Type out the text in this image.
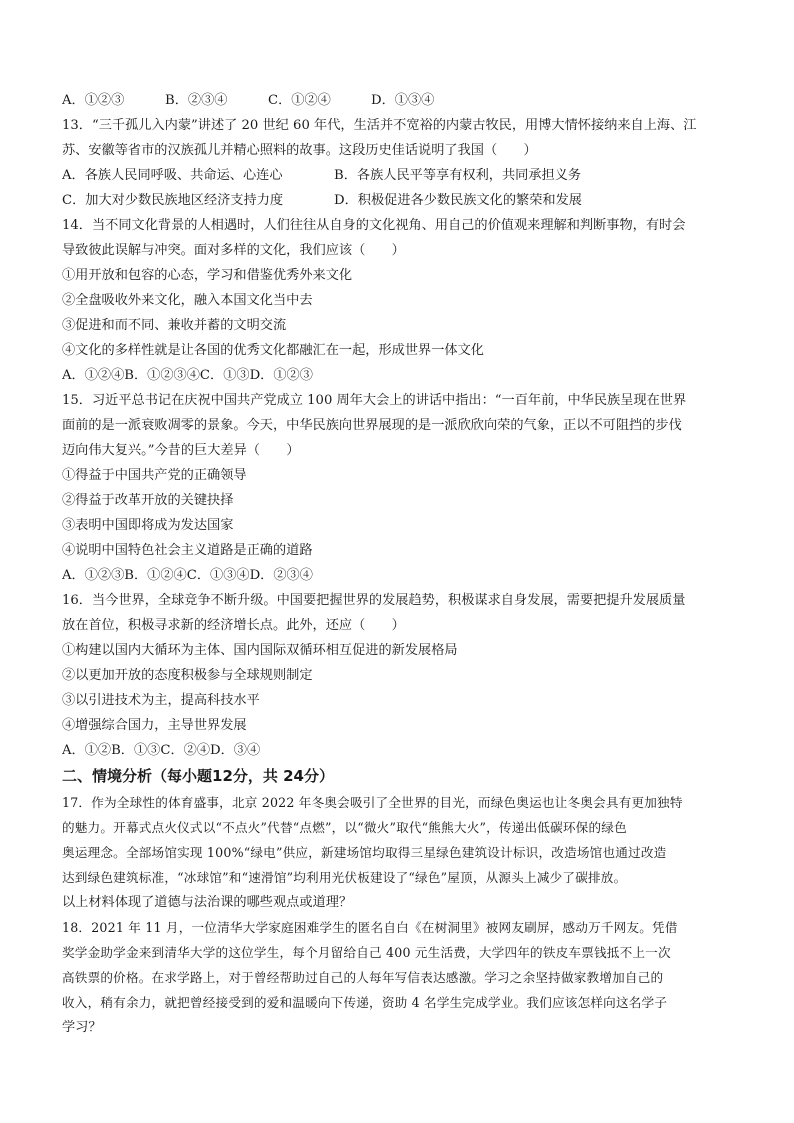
A．①②③	B．②③④	C．①②④	D．①③④
13．“三千孤儿入内蒙”讲述了 20 世纪 60 年代，生活并不宽裕的内蒙古牧民，用博大情怀接纳来自上海、江
苏、安徽等省市的汉族孤儿并精心照料的故事。这段历史佳话说明了我国（　　）
A．各族人民同呼吸、共命运、心连心	B．各族人民平等享有权利，共同承担义务
C．加大对少数民族地区经济支持力度	D．积极促进各少数民族文化的繁荣和发展
14．当不同文化背景的人相遇时，人们往往从自身的文化视角、用自己的价值观来理解和判断事物，有时会
导致彼此误解与冲突。面对多样的文化，我们应该（　　）
①用开放和包容的心态，学习和借鉴优秀外来文化
②全盘吸收外来文化，融入本国文化当中去
③促进和而不同、兼收并蓄的文明交流
④文化的多样性就是让各国的优秀文化都融汇在一起，形成世界一体文化
A．①②④B．①②③④C．①③D．①②③
15．习近平总书记在庆祝中国共产党成立 100 周年大会上的讲话中指出：“一百年前，中华民族呈现在世界
面前的是一派衰败凋零的景象。今天，中华民族向世界展现的是一派欣欣向荣的气象，正以不可阻挡的步伐
迈向伟大复兴。”今昔的巨大差异（　　）
①得益于中国共产党的正确领导
②得益于改革开放的关键抉择
③表明中国即将成为发达国家
④说明中国特色社会主义道路是正确的道路
A．①②③B．①②④C．①③④D．②③④
16．当今世界，全球竞争不断升级。中国要把握世界的发展趋势，积极谋求自身发展，需要把提升发展质量
放在首位，积极寻求新的经济增长点。此外，还应（　　）
①构建以国内大循环为主体、国内国际双循环相互促进的新发展格局
②以更加开放的态度积极参与全球规则制定
③以引进技术为主，提高科技水平
④增强综合国力，主导世界发展
A．①②B．①③C．②④D．③④
二、情境分析（每小题12分，共 24分）
17．作为全球性的体育盛事，北京 2022 年冬奥会吸引了全世界的目光，而绿色奥运也让冬奥会具有更加独特
的魅力。开幕式点火仪式以“不点火”代替“点燃”，以“微火”取代“熊熊大火”，传递出低碳环保的绿色
奥运理念。全部场馆实现 100%“绿电”供应，新建场馆均取得三星绿色建筑设计标识，改造场馆也通过改造
达到绿色建筑标准，“冰球馆”和“速滑馆”均利用光伏板建设了“绿色”屋顶，从源头上减少了碳排放。
以上材料体现了道德与法治课的哪些观点或道理？
18．2021 年 11 月，一位清华大学家庭困难学生的匿名自白《在树洞里》被网友刷屏，感动万千网友。凭借
奖学金助学金来到清华大学的这位学生，每个月留给自己 400 元生活费，大学四年的铁皮车票钱抵不上一次
高铁票的价格。在求学路上，对于曾经帮助过自己的人每年写信表达感激。学习之余坚持做家教增加自己的
收入，稍有余力，就把曾经接受到的爱和温暖向下传递，资助 4 名学生完成学业。我们应该怎样向这名学子
学习？
